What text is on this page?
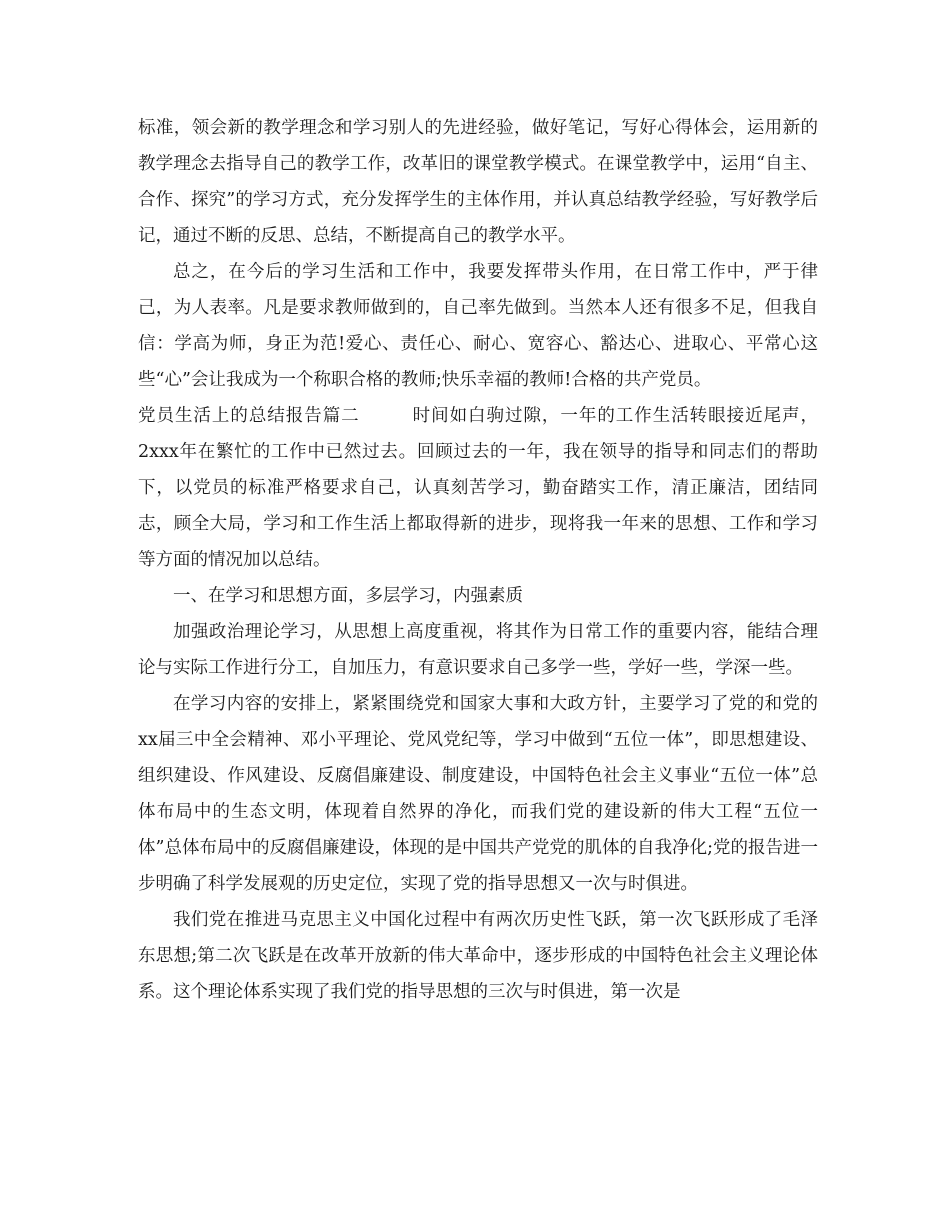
标准，领会新的教学理念和学习别人的先进经验，做好笔记，写好心得体会，运用新的教学理念去指导自己的教学工作，改革旧的课堂教学模式。在课堂教学中，运用“自主、合作、探究”的学习方式，充分发挥学生的主体作用，并认真总结教学经验，写好教学后记，通过不断的反思、总结，不断提高自己的教学水平。

总之，在今后的学习生活和工作中，我要发挥带头作用，在日常工作中，严于律己，为人表率。凡是要求教师做到的，自己率先做到。当然本人还有很多不足，但我自信：学高为师，身正为范!爱心、责任心、耐心、宽容心、豁达心、进取心、平常心这些“心”会让我成为一个称职合格的教师;快乐幸福的教师!合格的共产党员。

党员生活上的总结报告篇二	时间如白驹过隙，一年的工作生活转眼接近尾声，2xxx年在繁忙的工作中已然过去。回顾过去的一年，我在领导的指导和同志们的帮助下，以党员的标准严格要求自己，认真刻苦学习，勤奋踏实工作，清正廉洁，团结同志，顾全大局，学习和工作生活上都取得新的进步，现将我一年来的思想、工作和学习等方面的情况加以总结。

一、在学习和思想方面，多层学习，内强素质

加强政治理论学习，从思想上高度重视，将其作为日常工作的重要内容，能结合理论与实际工作进行分工，自加压力，有意识要求自己多学一些，学好一些，学深一些。

在学习内容的安排上，紧紧围绕党和国家大事和大政方针，主要学习了党的和党的xx届三中全会精神、邓小平理论、党风党纪等，学习中做到“五位一体”，即思想建设、组织建设、作风建设、反腐倡廉建设、制度建设，中国特色社会主义事业“五位一体”总体布局中的生态文明，体现着自然界的净化，而我们党的建设新的伟大工程“五位一体”总体布局中的反腐倡廉建设，体现的是中国共产党党的肌体的自我净化;党的报告进一步明确了科学发展观的历史定位，实现了党的指导思想又一次与时俱进。

我们党在推进马克思主义中国化过程中有两次历史性飞跃，第一次飞跃形成了毛泽东思想;第二次飞跃是在改革开放新的伟大革命中，逐步形成的中国特色社会主义理论体系。这个理论体系实现了我们党的指导思想的三次与时俱进，第一次是
